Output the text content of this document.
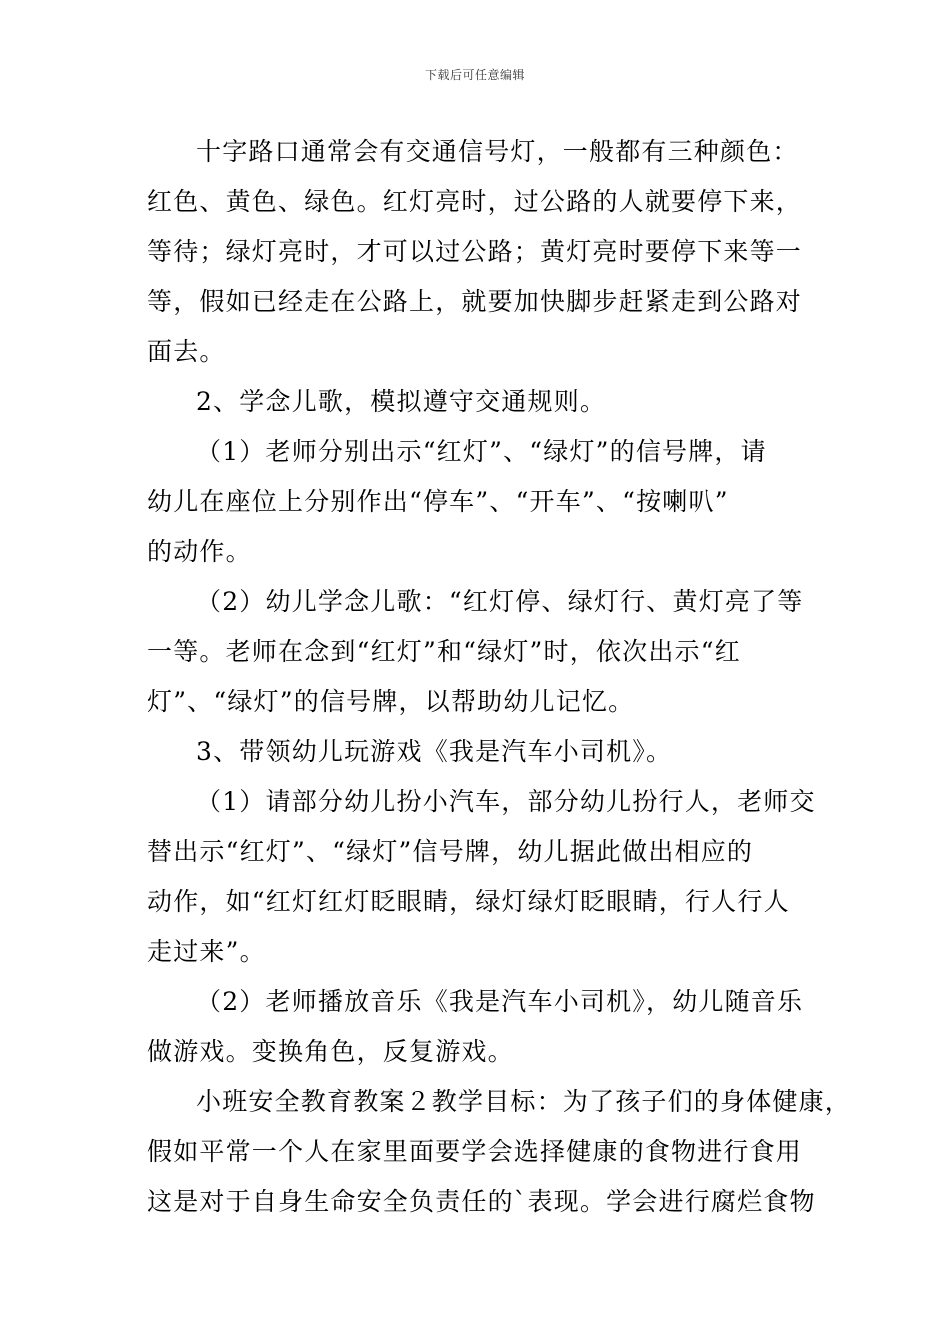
下载后可任意编辑
十字路口通常会有交通信号灯，一般都有三种颜色：
红色、黄色、绿色。红灯亮时，过公路的人就要停下来，
等待；绿灯亮时，才可以过公路；黄灯亮时要停下来等一
等，假如已经走在公路上，就要加快脚步赶紧走到公路对
面去。
2、学念儿歌，模拟遵守交通规则。
（1）老师分别出示“红灯”、“绿灯”的信号牌，请
幼儿在座位上分别作出“停车”、“开车”、“按喇叭”
的动作。
（2）幼儿学念儿歌：“红灯停、绿灯行、黄灯亮了等
一等。老师在念到“红灯”和“绿灯”时，依次出示“红
灯”、“绿灯”的信号牌，以帮助幼儿记忆。
3、带领幼儿玩游戏《我是汽车小司机》。
（1）请部分幼儿扮小汽车，部分幼儿扮行人，老师交
替出示“红灯”、“绿灯”信号牌，幼儿据此做出相应的
动作，如“红灯红灯眨眼睛，绿灯绿灯眨眼睛，行人行人
走过来”。
（2）老师播放音乐《我是汽车小司机》，幼儿随音乐
做游戏。变换角色，反复游戏。
小班安全教育教案２教学目标：为了孩子们的身体健康，
假如平常一个人在家里面要学会选择健康的食物进行食用
这是对于自身生命安全负责任的`表现。学会进行腐烂食物
